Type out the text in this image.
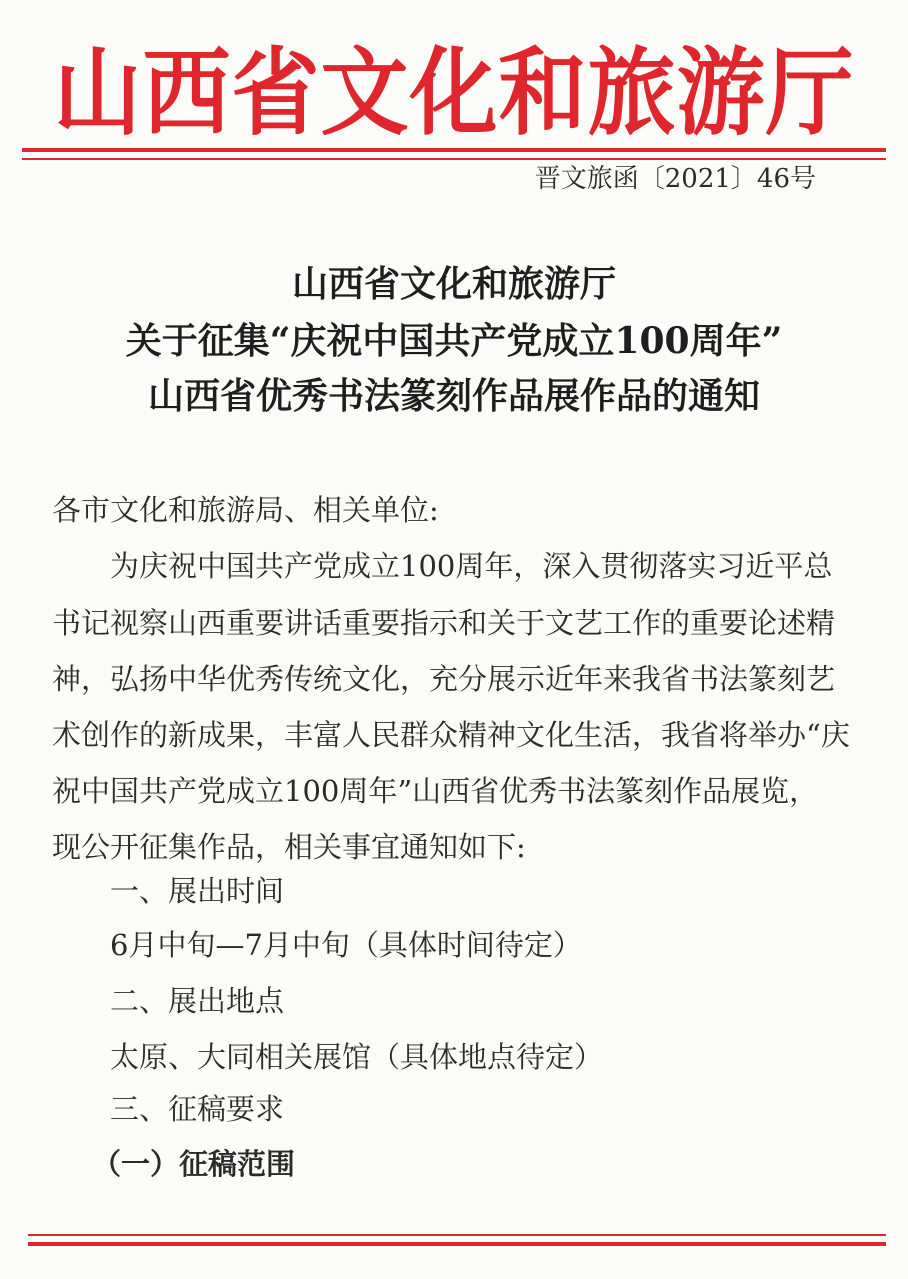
山西省文化和旅游厅
晋文旅函〔2021〕46号
山西省文化和旅游厅
关于征集“庆祝中国共产党成立100周年”
山西省优秀书法篆刻作品展作品的通知
各市文化和旅游局、相关单位:
为庆祝中国共产党成立100周年，深入贯彻落实习近平总
书记视察山西重要讲话重要指示和关于文艺工作的重要论述精
神，弘扬中华优秀传统文化，充分展示近年来我省书法篆刻艺
术创作的新成果，丰富人民群众精神文化生活，我省将举办“庆
祝中国共产党成立100周年”山西省优秀书法篆刻作品展览，
现公开征集作品，相关事宜通知如下:
一、展出时间
6月中旬—7月中旬（具体时间待定）
二、展出地点
太原、大同相关展馆（具体地点待定）
三、征稿要求
（一）征稿范围
